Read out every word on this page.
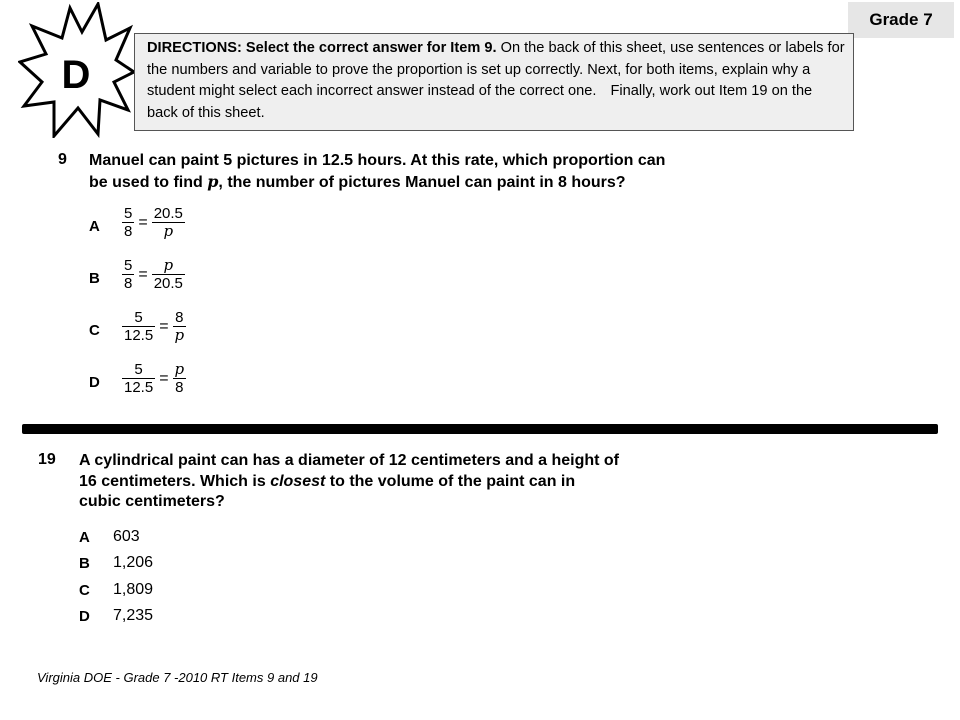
Grade 7
D
DIRECTIONS: Select the correct answer for Item 9. On the back of this sheet, use sentences or labels for the numbers and variable to prove the proportion is set up correctly. Next, for both items, explain why a student might select each incorrect answer instead of the correct one. Finally, work out Item 19 on the back of this sheet.
9 Manuel can paint 5 pictures in 12.5 hours. At this rate, which proportion can
be used to find p, the number of pictures Manuel can paint in 8 hours?
A $\frac{5}{8} = \frac{20.5}{p}$
B $\frac{5}{8} = \frac{p}{20.5}$
C $\frac{5}{12.5} = \frac{8}{p}$
D $\frac{5}{12.5} = \frac{p}{8}$
19 A cylindrical paint can has a diameter of 12 centimeters and a height of
16 centimeters. Which is closest to the volume of the paint can in
cubic centimeters?
A 603
B 1,206
C 1,809
D 7,235
Virginia DOE - Grade 7 -2010 RT Items 9 and 19
